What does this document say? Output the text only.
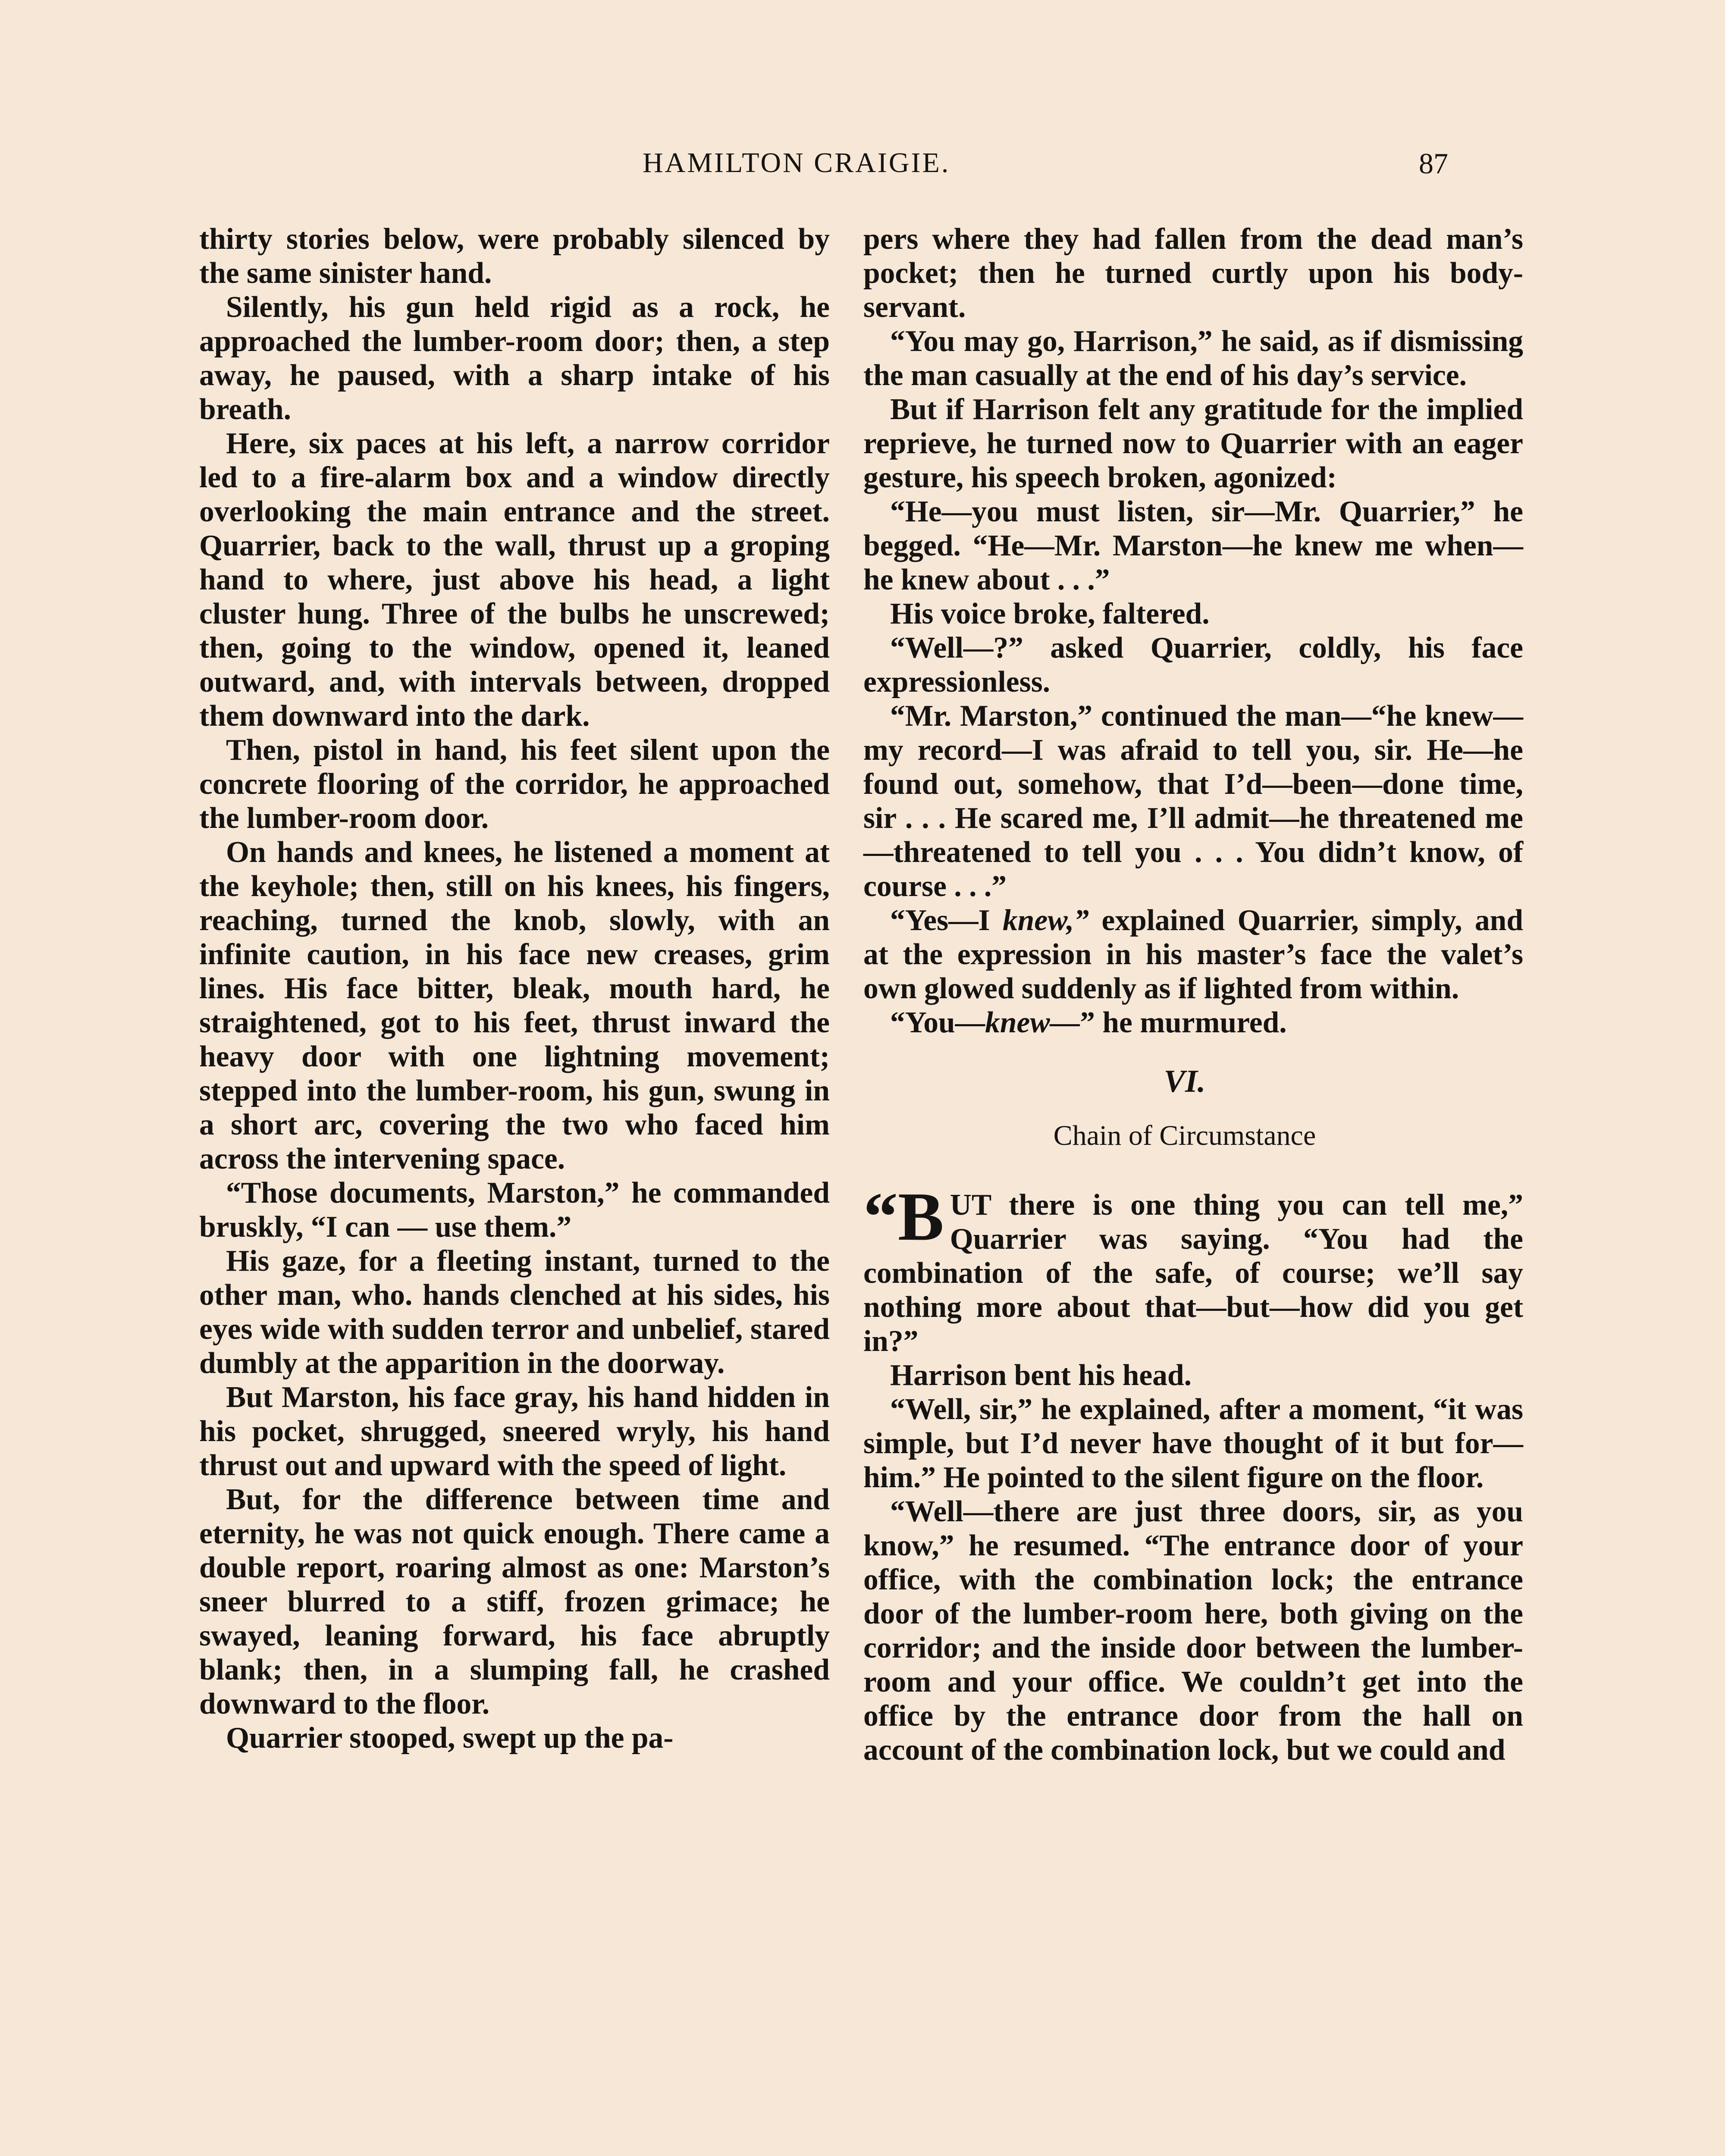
HAMILTON CRAIGIE.	87

thirty stories below, were probably silenced by the same sinister hand.

Silently, his gun held rigid as a rock, he approached the lumber-room door; then, a step away, he paused, with a sharp intake of his breath.

Here, six paces at his left, a narrow corridor led to a fire-alarm box and a window directly overlooking the main entrance and the street. Quarrier, back to the wall, thrust up a groping hand to where, just above his head, a light cluster hung. Three of the bulbs he unscrewed; then, going to the window, opened it, leaned outward, and, with intervals between, dropped them downward into the dark.

Then, pistol in hand, his feet silent upon the concrete flooring of the corridor, he approached the lumber-room door.

On hands and knees, he listened a moment at the keyhole; then, still on his knees, his fingers, reaching, turned the knob, slowly, with an infinite caution, in his face new creases, grim lines. His face bitter, bleak, mouth hard, he straightened, got to his feet, thrust inward the heavy door with one lightning movement; stepped into the lumber-room, his gun, swung in a short arc, covering the two who faced him across the intervening space.

“Those documents, Marston,” he commanded bruskly, “I can — use them.”

His gaze, for a fleeting instant, turned to the other man, who. hands clenched at his sides, his eyes wide with sudden terror and unbelief, stared dumbly at the apparition in the doorway.

But Marston, his face gray, his hand hidden in his pocket, shrugged, sneered wryly, his hand thrust out and upward with the speed of light.

But, for the difference between time and eternity, he was not quick enough. There came a double report, roaring almost as one: Marston’s sneer blurred to a stiff, frozen grimace; he swayed, leaning forward, his face abruptly blank; then, in a slumping fall, he crashed downward to the floor.

Quarrier stooped, swept up the pa-

pers where they had fallen from the dead man’s pocket; then he turned curtly upon his body-servant.

“You may go, Harrison,” he said, as if dismissing the man casually at the end of his day’s service.

But if Harrison felt any gratitude for the implied reprieve, he turned now to Quarrier with an eager gesture, his speech broken, agonized:

“He—you must listen, sir—Mr. Quarrier,” he begged. “He—Mr. Marston—he knew me when—he knew about . . .”

His voice broke, faltered.

“Well—?” asked Quarrier, coldly, his face expressionless.

“Mr. Marston,” continued the man—“he knew—my record—I was afraid to tell you, sir. He—he found out, somehow, that I’d—been—done time, sir . . . He scared me, I’ll admit—he threatened me—threatened to tell you . . . You didn’t know, of course . . .”

“Yes—I knew,” explained Quarrier, simply, and at the expression in his master’s face the valet’s own glowed suddenly as if lighted from within.

“You—knew—” he murmured.

VI.
Chain of Circumstance

“B UT there is one thing you can tell me,” Quarrier was saying. “You had the combination of the safe, of course; we’ll say nothing more about that—but—how did you get in?”

Harrison bent his head.

“Well, sir,” he explained, after a moment, “it was simple, but I’d never have thought of it but for—him.” He pointed to the silent figure on the floor.

“Well—there are just three doors, sir, as you know,” he resumed. “The entrance door of your office, with the combination lock; the entrance door of the lumber-room here, both giving on the corridor; and the inside door between the lumber-room and your office. We couldn’t get into the office by the entrance door from the hall on account of the combination lock, but we could and
